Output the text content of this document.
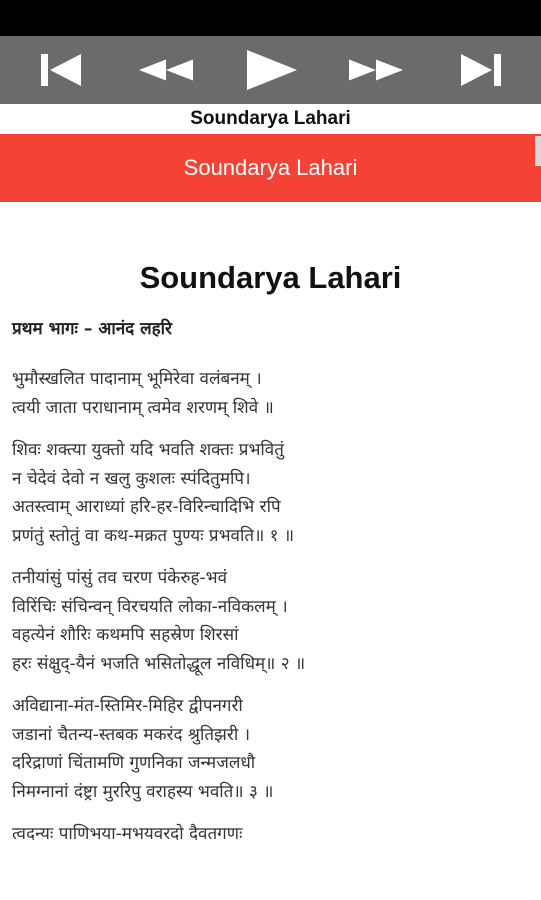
Soundarya Lahari
Soundarya Lahari
Soundarya Lahari
प्रथम भागः – आनंद लहरि
भुमौस्खलित पादानाम् भूमिरेवा वलंबनम् ।
त्वयी जाता पराधानाम् त्वमेव शरणम् शिवे ॥
शिवः शक्त्या युक्तो यदि भवति शक्तः प्रभवितुं
न चेदेवं देवो न खलु कुशलः स्पंदितुमपि।
अतस्त्वाम् आराध्यां हरि-हर-विरिन्चादिभि रपि
प्रणंतुं स्तोतुं वा कथ-मक्रत पुण्यः प्रभवति॥ १ ॥
तनीयांसुं पांसुं तव चरण पंकेरुह-भवं
विरिंचिः संचिन्वन् विरचयति लोका-नविकलम् ।
वहत्येनं शौरिः कथमपि सहस्रेण शिरसां
हरः संक्षुद्-यैनं भजति भसितोद्धूल नविधिम्॥ २ ॥
अविद्याना-मंत-स्तिमिर-मिहिर द्वीपनगरी
जडानां चैतन्य-स्तबक मकरंद श्रुतिझरी ।
दरिद्राणां चिंतामणि गुणनिका जन्मजलधौ
निमग्नानां दंष्ट्रा मुररिपु वराहस्य भवति॥ ३ ॥
त्वदन्यः पाणिभया-मभयवरदो दैवतगणः
